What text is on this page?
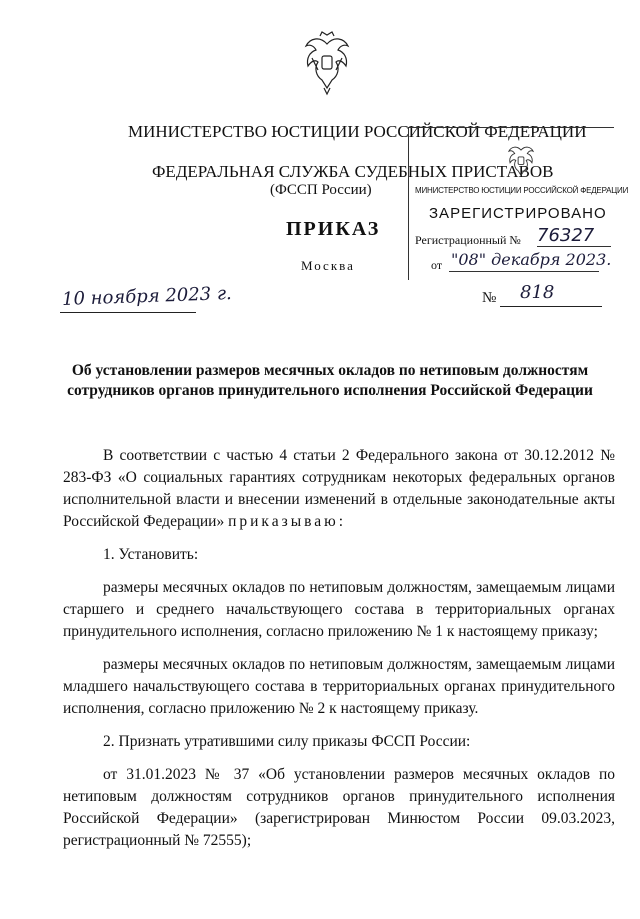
МИНИСТЕРСТВО ЮСТИЦИИ РОССИЙСКОЙ ФЕДЕРАЦИИ
ФЕДЕРАЛЬНАЯ СЛУЖБА СУДЕБНЫХ ПРИСТАВОВ
(ФССП России)
ПРИКАЗ
Москва
10 ноября 2023 г.	№ 818
МИНИСТЕРСТВО ЮСТИЦИИ РОССИЙСКОЙ ФЕДЕРАЦИИ
ЗАРЕГИСТРИРОВАНО
Регистрационный № 76327
от "08" декабря 2023.
Об установлении размеров месячных окладов по нетиповым должностям
сотрудников органов принудительного исполнения Российской Федерации

В соответствии с частью 4 статьи 2 Федерального закона от 30.12.2012 № 283-ФЗ «О социальных гарантиях сотрудникам некоторых федеральных органов исполнительной власти и внесении изменений в отдельные законодательные акты Российской Федерации» приказываю:

1. Установить:

размеры месячных окладов по нетиповым должностям, замещаемым лицами старшего и среднего начальствующего состава в территориальных органах принудительного исполнения, согласно приложению № 1 к настоящему приказу;

размеры месячных окладов по нетиповым должностям, замещаемым лицами младшего начальствующего состава в территориальных органах принудительного исполнения, согласно приложению № 2 к настоящему приказу.

2. Признать утратившими силу приказы ФССП России:

от 31.01.2023 № 37 «Об установлении размеров месячных окладов по нетиповым должностям сотрудников органов принудительного исполнения Российской Федерации» (зарегистрирован Минюстом России 09.03.2023, регистрационный № 72555);
